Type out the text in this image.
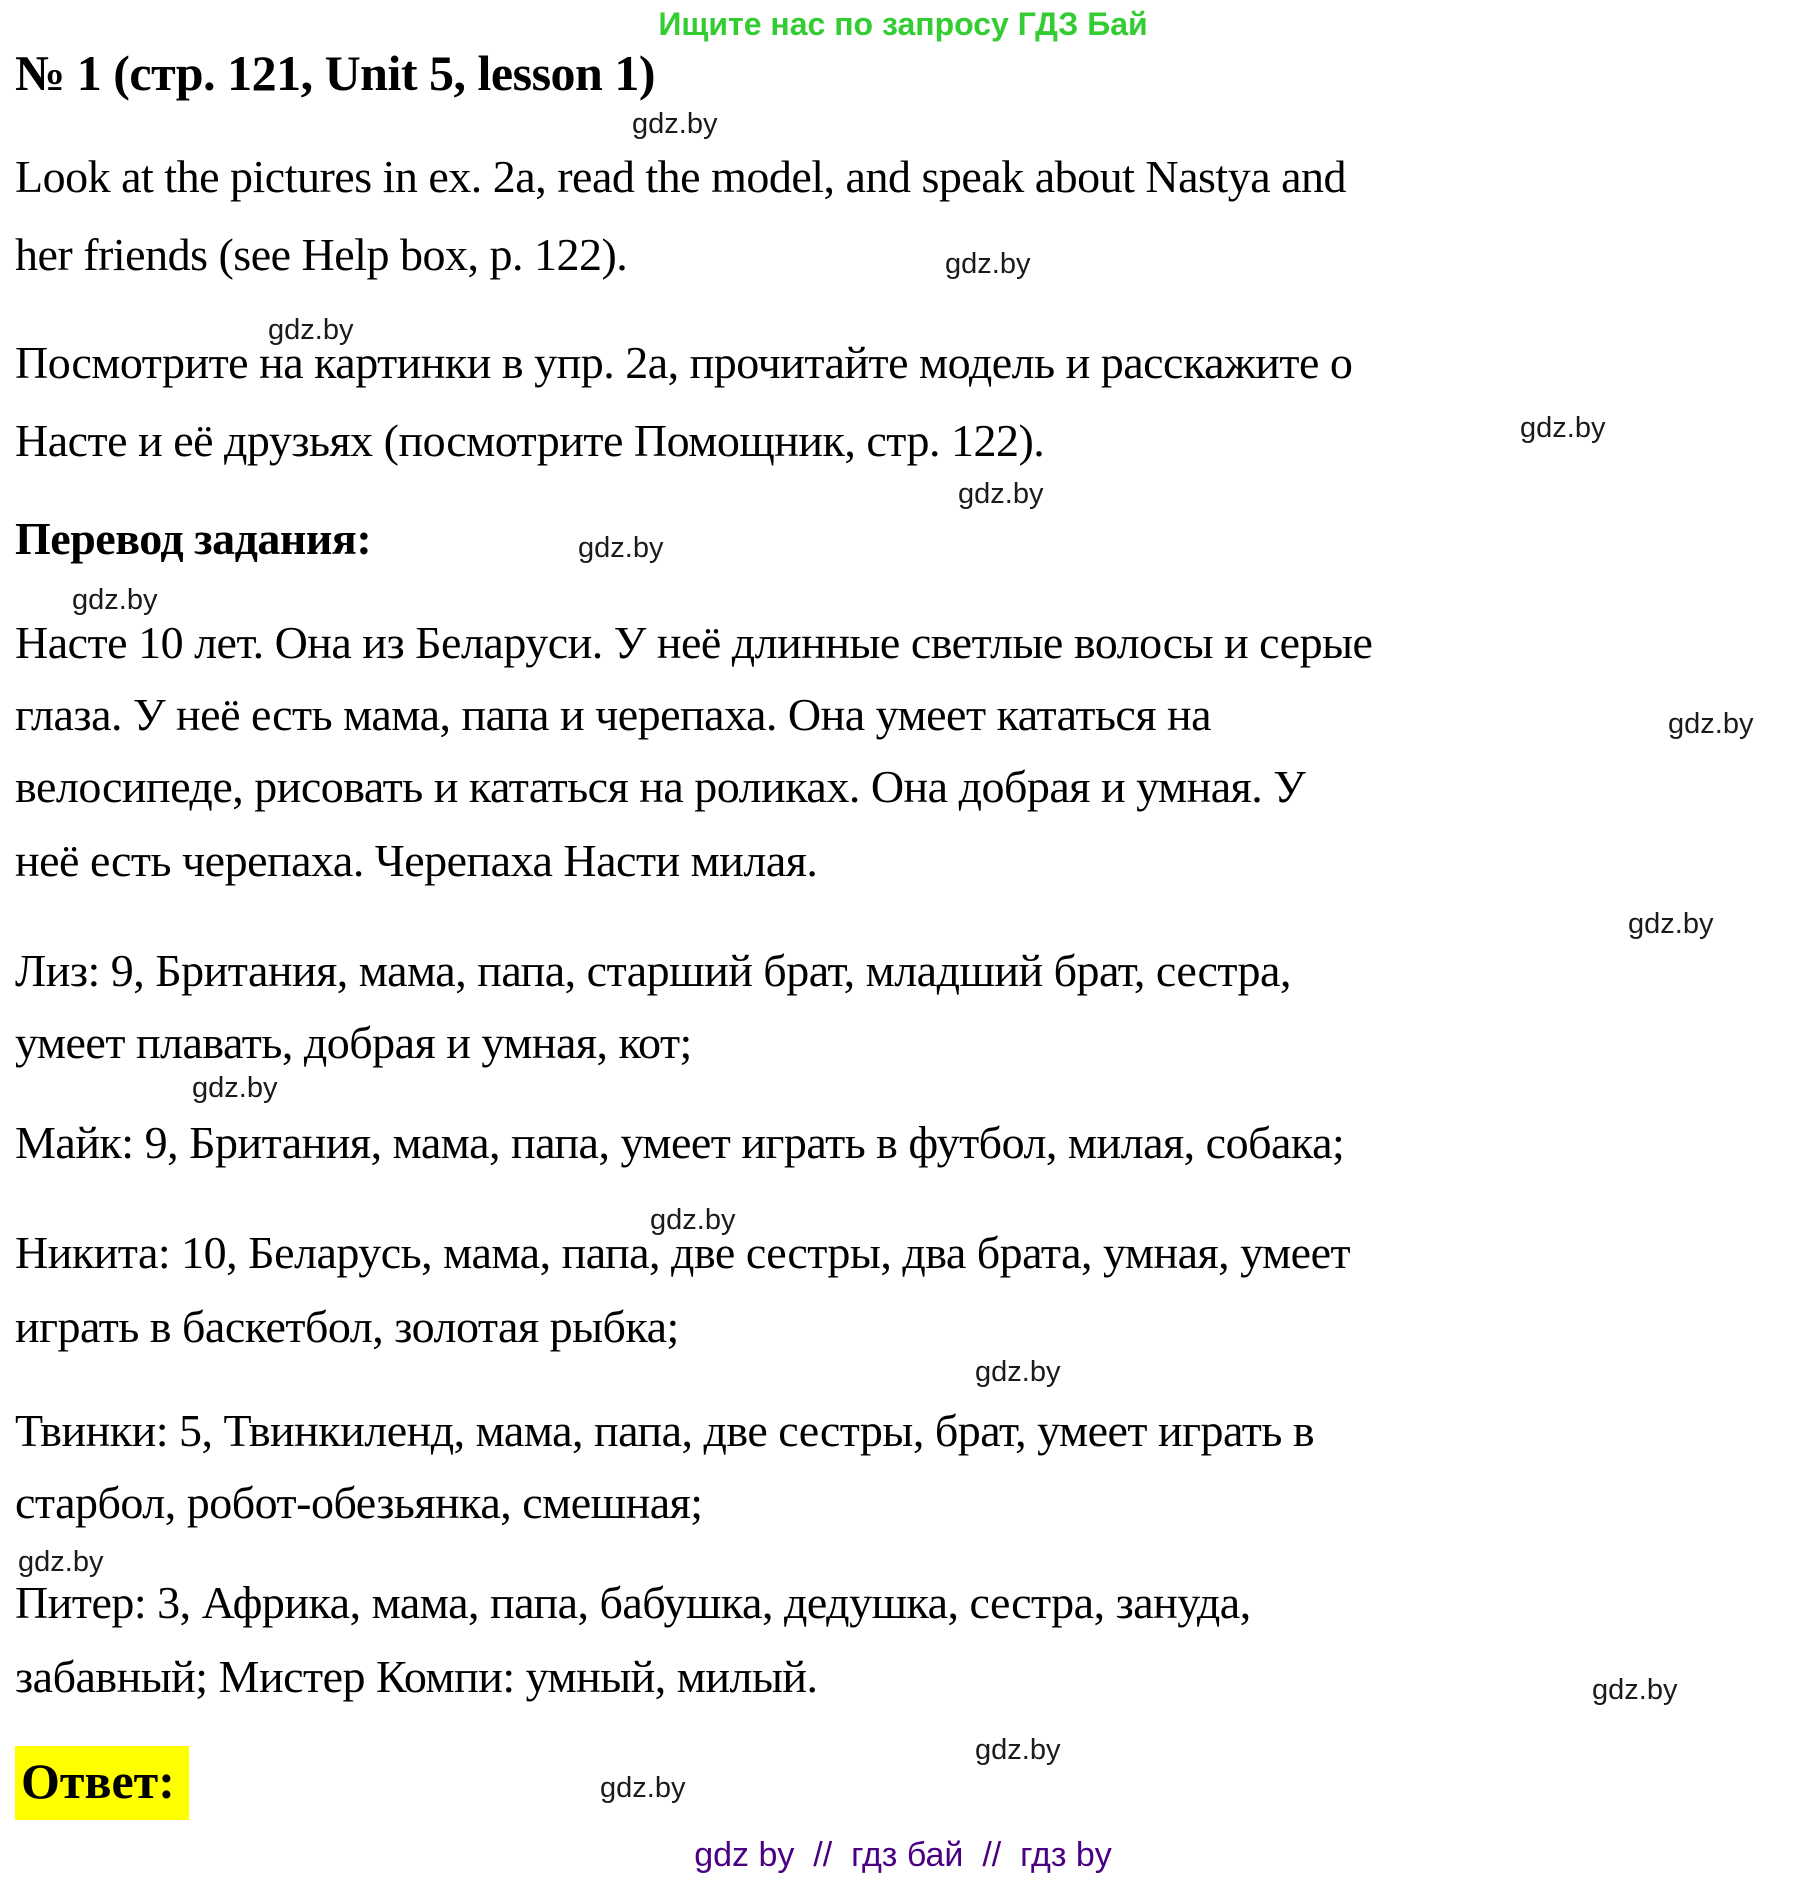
Ищите нас по запросу ГДЗ Бай
№ 1 (стр. 121, Unit 5, lesson 1)
gdz.by
Look at the pictures in ex. 2a, read the model, and speak about Nastya and
her friends (see Help box, p. 122).	gdz.by
gdz.by
Посмотрите на картинки в упр. 2а, прочитайте модель и расскажите о
Насте и её друзьях (посмотрите Помощник, стр. 122).	gdz.by
gdz.by
Перевод задания:	gdz.by
gdz.by
Насте 10 лет. Она из Беларуси. У неё длинные светлые волосы и серые
глаза. У неё есть мама, папа и черепаха. Она умеет кататься на	gdz.by
велосипеде, рисовать и кататься на роликах. Она добрая и умная. У
неё есть черепаха. Черепаха Насти милая.
gdz.by
Лиз: 9, Британия, мама, папа, старший брат, младший брат, сестра,
умеет плавать, добрая и умная, кот;
gdz.by
Майк: 9, Британия, мама, папа, умеет играть в футбол, милая, собака;
gdz.by
Никита: 10, Беларусь, мама, папа, две сестры, два брата, умная, умеет
играть в баскетбол, золотая рыбка;
gdz.by
Твинки: 5, Твинкиленд, мама, папа, две сестры, брат, умеет играть в
старбол, робот-обезьянка, смешная;
gdz.by
Питер: 3, Африка, мама, папа, бабушка, дедушка, сестра, зануда,
забавный; Мистер Компи: умный, милый.	gdz.by
gdz.by
Ответ:	gdz.by
gdz by  //  гдз бай  //  гдз by
